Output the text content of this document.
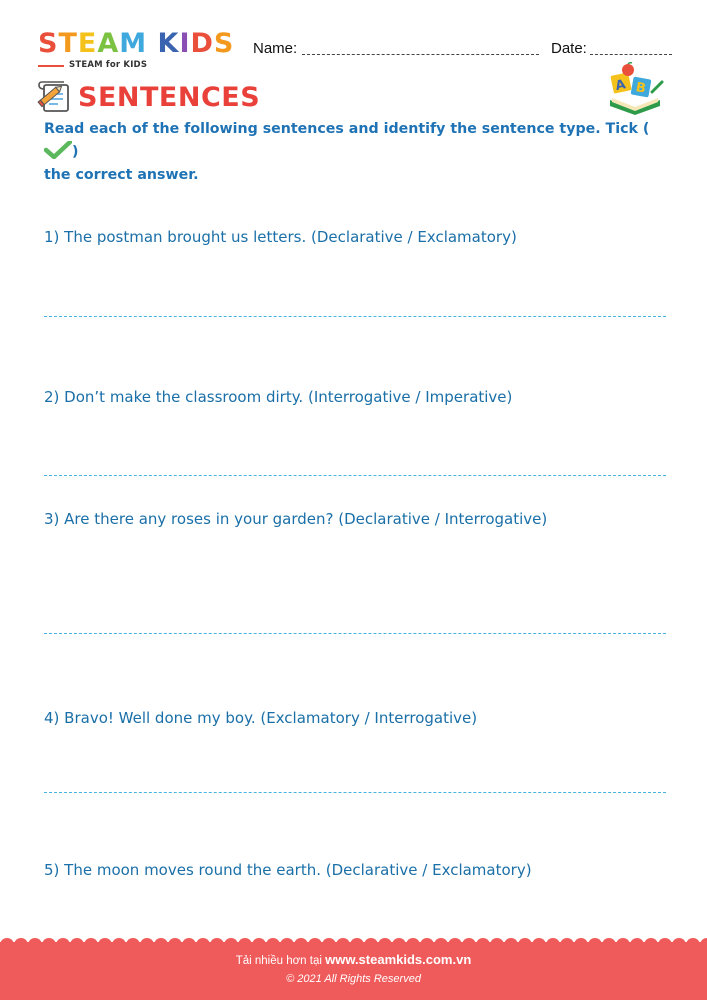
STEAM KIDS
STEAM for KIDS
Name:	Date:
SENTENCES	A B
Read each of the following sentences and identify the sentence type. Tick ()
the correct answer.
1) The postman brought us letters. (Declarative / Exclamatory)
2) Don’t make the classroom dirty. (Interrogative / Imperative)
3) Are there any roses in your garden? (Declarative / Interrogative)
4) Bravo! Well done my boy. (Exclamatory / Interrogative)
5) The moon moves round the earth. (Declarative / Exclamatory)
Tải nhiều hơn tại www.steamkids.com.vn
© 2021 All Rights Reserved
